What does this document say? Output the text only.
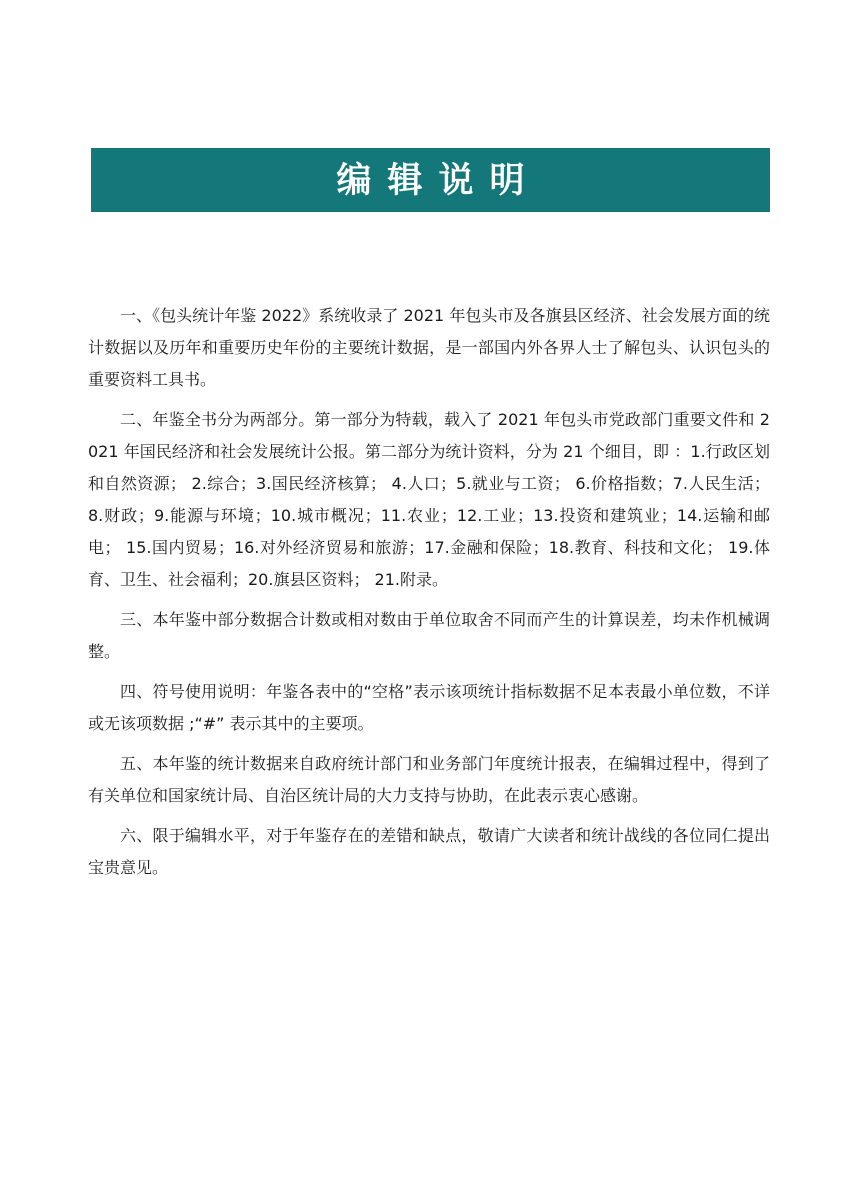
编辑说明

一、《包头统计年鉴 2022》系统收录了 2021 年包头市及各旗县区经济、社会发展方面的统计数据以及历年和重要历史年份的主要统计数据，是一部国内外各界人士了解包头、认识包头的重要资料工具书。

二、年鉴全书分为两部分。第一部分为特载，载入了 2021 年包头市党政部门重要文件和 2021 年国民经济和社会发展统计公报。第二部分为统计资料，分为 21 个细目，即 ：1.行政区划和自然资源； 2.综合；3.国民经济核算； 4.人口；5.就业与工资； 6.价格指数；7.人民生活； 8.财政；9.能源与环境；10.城市概况；11.农业；12.工业；13.投资和建筑业；14.运输和邮电； 15.国内贸易；16.对外经济贸易和旅游；17.金融和保险；18.教育、科技和文化； 19.体育、卫生、社会福利；20.旗县区资料； 21.附录。

三、本年鉴中部分数据合计数或相对数由于单位取舍不同而产生的计算误差，均未作机械调整。

四、符号使用说明：年鉴各表中的“空格”表示该项统计指标数据不足本表最小单位数，不详或无该项数据 ;“#” 表示其中的主要项。

五、本年鉴的统计数据来自政府统计部门和业务部门年度统计报表，在编辑过程中，得到了有关单位和国家统计局、自治区统计局的大力支持与协助，在此表示衷心感谢。

六、限于编辑水平，对于年鉴存在的差错和缺点，敬请广大读者和统计战线的各位同仁提出宝贵意见。
